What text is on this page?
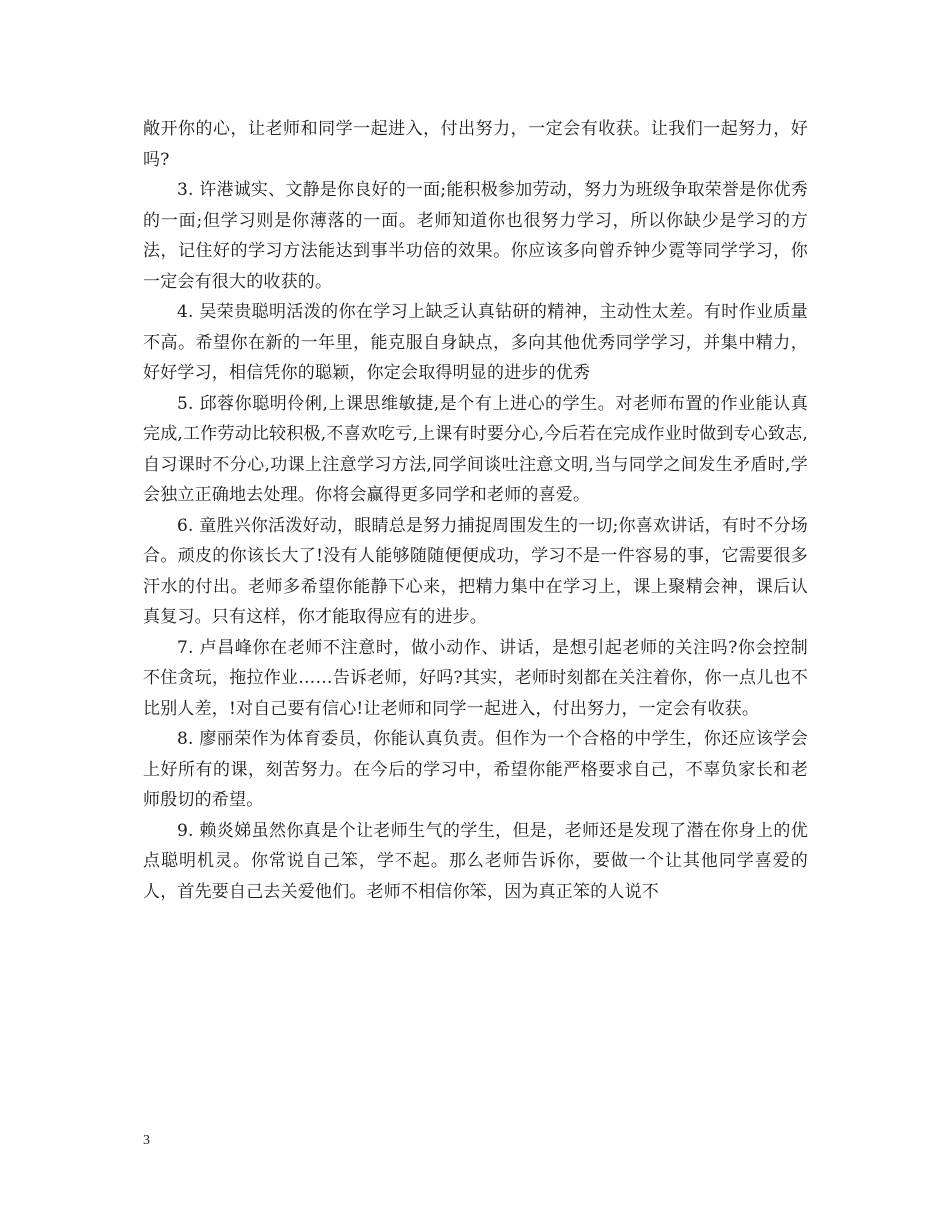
敞开你的心，让老师和同学一起进入，付出努力，一定会有收获。让我们一起努力，好吗?

3. 许港诚实、文静是你良好的一面;能积极参加劳动，努力为班级争取荣誉是你优秀的一面;但学习则是你薄落的一面。老师知道你也很努力学习，所以你缺少是学习的方法，记住好的学习方法能达到事半功倍的效果。你应该多向曾乔钟少霓等同学学习，你一定会有很大的收获的。

4. 吴荣贵聪明活泼的你在学习上缺乏认真钻研的精神，主动性太差。有时作业质量不高。希望你在新的一年里，能克服自身缺点，多向其他优秀同学学习，并集中精力，好好学习，相信凭你的聪颖，你定会取得明显的进步的优秀

5. 邱蓉你聪明伶俐,上课思维敏捷,是个有上进心的学生。对老师布置的作业能认真完成,工作劳动比较积极,不喜欢吃亏,上课有时要分心,今后若在完成作业时做到专心致志,自习课时不分心,功课上注意学习方法,同学间谈吐注意文明,当与同学之间发生矛盾时,学会独立正确地去处理。你将会赢得更多同学和老师的喜爱。

6. 童胜兴你活泼好动，眼睛总是努力捕捉周围发生的一切;你喜欢讲话，有时不分场合。顽皮的你该长大了!没有人能够随随便便成功，学习不是一件容易的事，它需要很多汗水的付出。老师多希望你能静下心来，把精力集中在学习上，课上聚精会神，课后认真复习。只有这样，你才能取得应有的进步。

7. 卢昌峰你在老师不注意时，做小动作、讲话，是想引起老师的关注吗?你会控制不住贪玩，拖拉作业……告诉老师，好吗?其实，老师时刻都在关注着你，你一点儿也不比别人差，!对自己要有信心!让老师和同学一起进入，付出努力，一定会有收获。

8. 廖丽荣作为体育委员，你能认真负责。但作为一个合格的中学生，你还应该学会上好所有的课，刻苦努力。在今后的学习中，希望你能严格要求自己，不辜负家长和老师殷切的希望。

9. 赖炎娣虽然你真是个让老师生气的学生，但是，老师还是发现了潜在你身上的优点聪明机灵。你常说自己笨，学不起。那么老师告诉你，要做一个让其他同学喜爱的人，首先要自己去关爱他们。老师不相信你笨，因为真正笨的人说不

3
